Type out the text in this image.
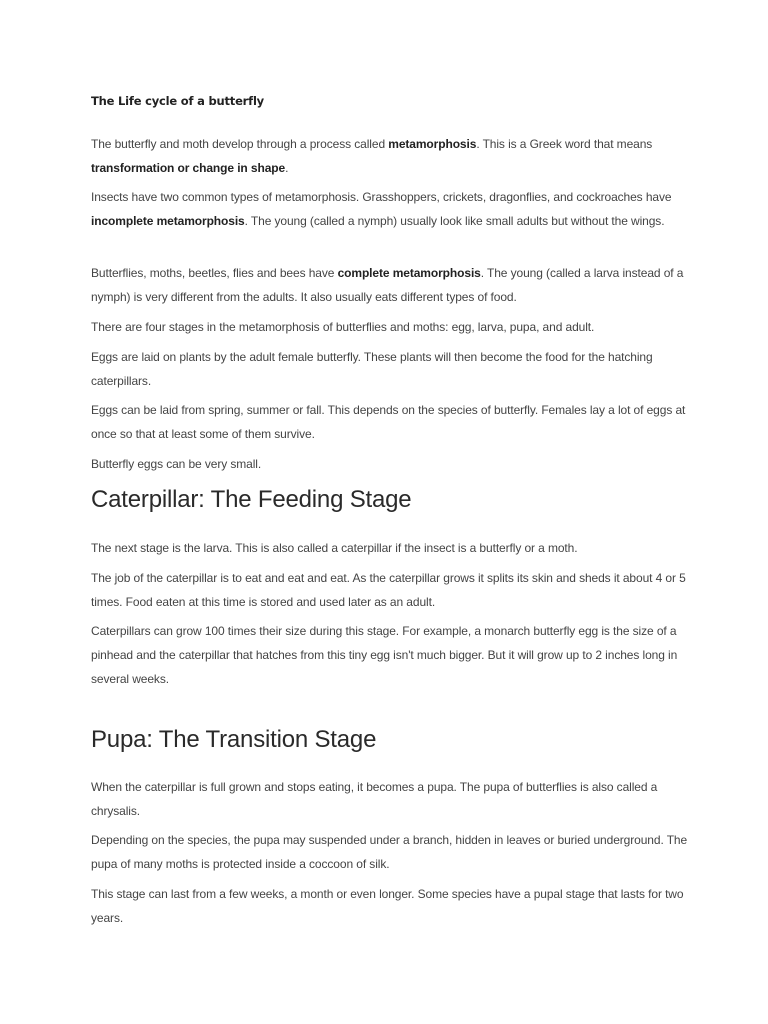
The Life cycle of a butterfly

The butterfly and moth develop through a process called metamorphosis. This is a Greek word that means transformation or change in shape.

Insects have two common types of metamorphosis. Grasshoppers, crickets, dragonflies, and cockroaches have incomplete metamorphosis. The young (called a nymph) usually look like small adults but without the wings.

Butterflies, moths, beetles, flies and bees have complete metamorphosis. The young (called a larva instead of a nymph) is very different from the adults. It also usually eats different types of food.

There are four stages in the metamorphosis of butterflies and moths: egg, larva, pupa, and adult.

Eggs are laid on plants by the adult female butterfly. These plants will then become the food for the hatching caterpillars.

Eggs can be laid from spring, summer or fall. This depends on the species of butterfly. Females lay a lot of eggs at once so that at least some of them survive.

Butterfly eggs can be very small.

Caterpillar: The Feeding Stage

The next stage is the larva. This is also called a caterpillar if the insect is a butterfly or a moth.

The job of the caterpillar is to eat and eat and eat. As the caterpillar grows it splits its skin and sheds it about 4 or 5 times. Food eaten at this time is stored and used later as an adult.

Caterpillars can grow 100 times their size during this stage. For example, a monarch butterfly egg is the size of a pinhead and the caterpillar that hatches from this tiny egg isn't much bigger. But it will grow up to 2 inches long in several weeks.

Pupa: The Transition Stage

When the caterpillar is full grown and stops eating, it becomes a pupa. The pupa of butterflies is also called a chrysalis.

Depending on the species, the pupa may suspended under a branch, hidden in leaves or buried underground. The pupa of many moths is protected inside a coccoon of silk.

This stage can last from a few weeks, a month or even longer. Some species have a pupal stage that lasts for two years.
